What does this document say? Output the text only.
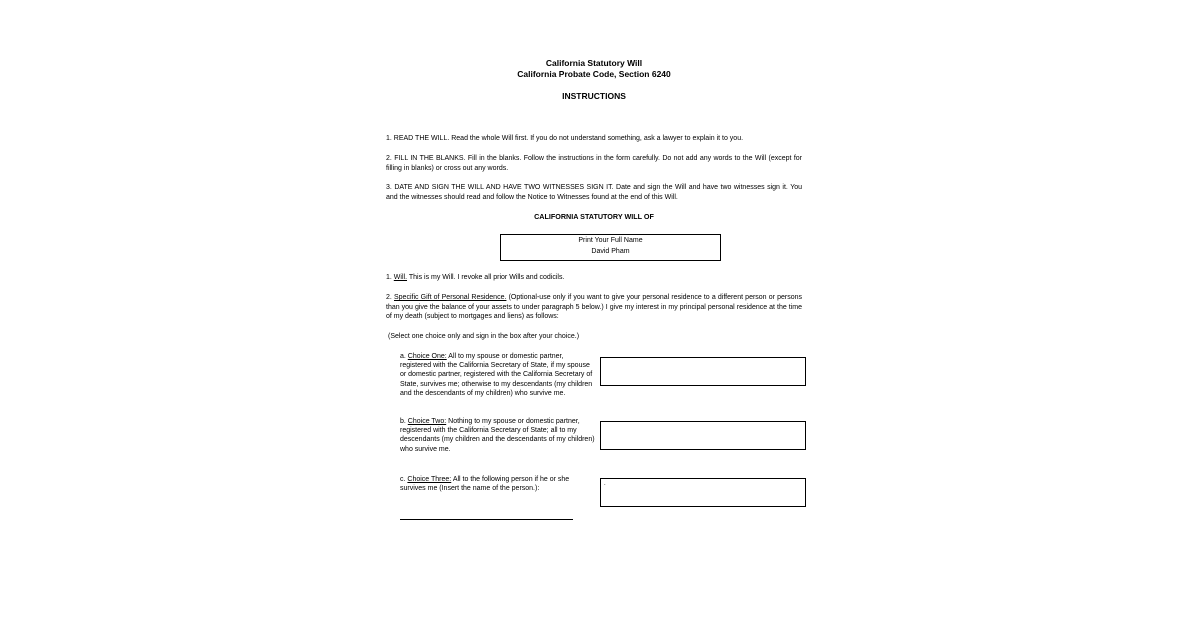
California Statutory Will
California Probate Code, Section 6240
INSTRUCTIONS

1. READ THE WILL. Read the whole Will first. If you do not understand something, ask a lawyer to explain it to you.

2. FILL IN THE BLANKS. Fill in the blanks. Follow the instructions in the form carefully. Do not add any words to the Will (except for filling in blanks) or cross out any words.

3. DATE AND SIGN THE WILL AND HAVE TWO WITNESSES SIGN IT. Date and sign the Will and have two witnesses sign it. You and the witnesses should read and follow the Notice to Witnesses found at the end of this Will.

CALIFORNIA STATUTORY WILL OF
Print Your Full Name
David Pham

1. Will. This is my Will. I revoke all prior Wills and codicils.

2. Specific Gift of Personal Residence. (Optional-use only if you want to give your personal residence to a different person or persons than you give the balance of your assets to under paragraph 5 below.) I give my interest in my principal personal residence at the time of my death (subject to mortgages and liens) as follows:

(Select one choice only and sign in the box after your choice.)

a. Choice One: All to my spouse or domestic partner, registered with the California Secretary of State, if my spouse or domestic partner, registered with the California Secretary of State, survives me; otherwise to my descendants (my children and the descendants of my children) who survive me.

b. Choice Two: Nothing to my spouse or domestic partner, registered with the California Secretary of State; all to my descendants (my children and the descendants of my children) who survive me.

c. Choice Three: All to the following person if he or she survives me (Insert the name of the person.):

.
